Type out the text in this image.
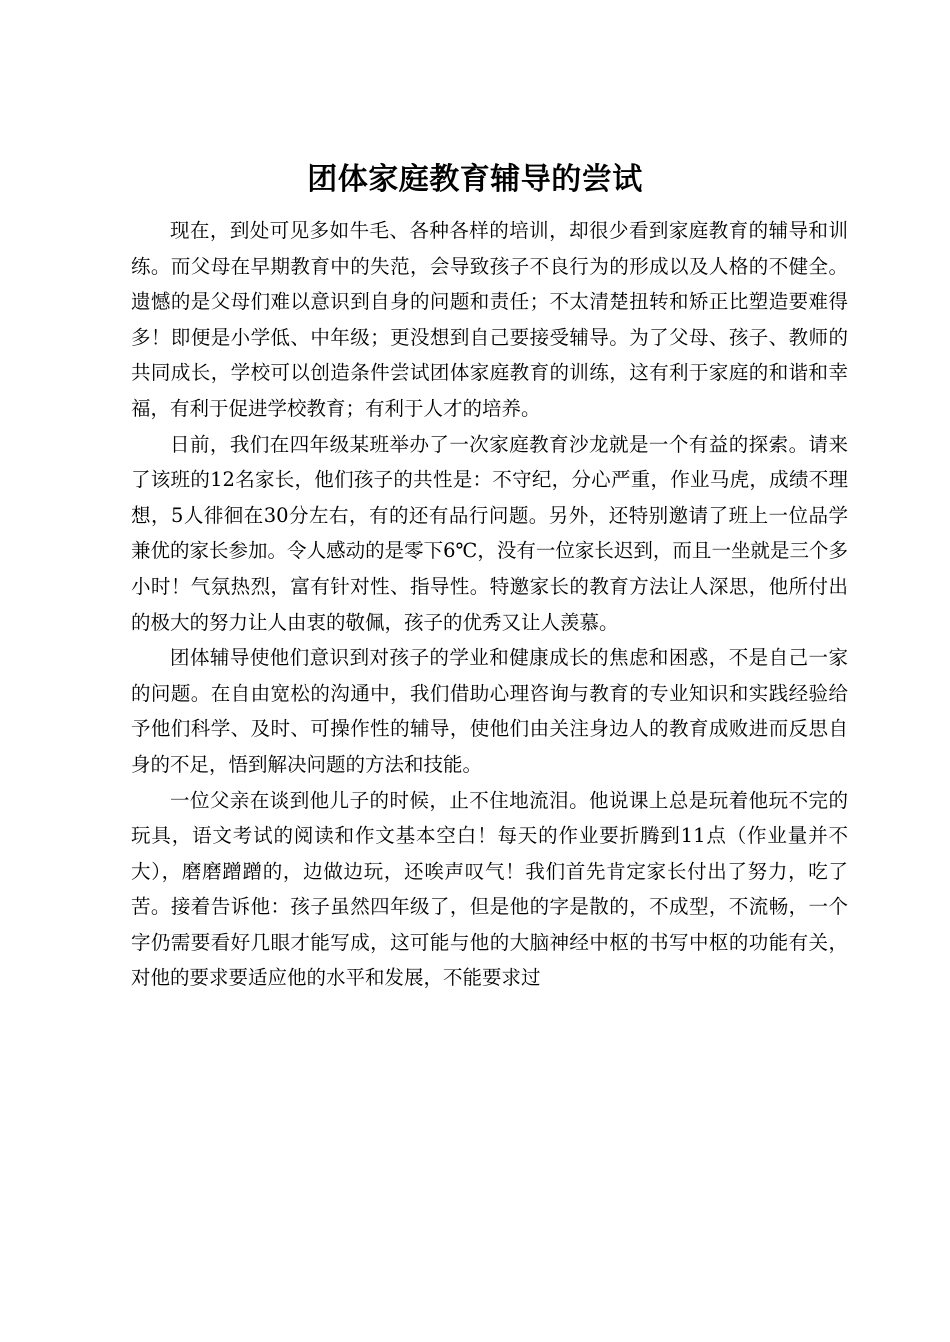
团体家庭教育辅导的尝试

现在，到处可见多如牛毛、各种各样的培训，却很少看到家庭教育的辅导和训练。而父母在早期教育中的失范，会导致孩子不良行为的形成以及人格的不健全。遗憾的是父母们难以意识到自身的问题和责任；不太清楚扭转和矫正比塑造要难得多！即便是小学低、中年级；更没想到自己要接受辅导。为了父母、孩子、教师的共同成长，学校可以创造条件尝试团体家庭教育的训练，这有利于家庭的和谐和幸福，有利于促进学校教育；有利于人才的培养。

日前，我们在四年级某班举办了一次家庭教育沙龙就是一个有益的探索。请来了该班的12名家长，他们孩子的共性是：不守纪，分心严重，作业马虎，成绩不理想，5人徘徊在30分左右，有的还有品行问题。另外，还特别邀请了班上一位品学兼优的家长参加。令人感动的是零下6℃，没有一位家长迟到，而且一坐就是三个多小时！气氛热烈，富有针对性、指导性。特邀家长的教育方法让人深思，他所付出的极大的努力让人由衷的敬佩，孩子的优秀又让人羡慕。

团体辅导使他们意识到对孩子的学业和健康成长的焦虑和困惑，不是自己一家的问题。在自由宽松的沟通中，我们借助心理咨询与教育的专业知识和实践经验给予他们科学、及时、可操作性的辅导，使他们由关注身边人的教育成败进而反思自身的不足，悟到解决问题的方法和技能。

一位父亲在谈到他儿子的时候，止不住地流泪。他说课上总是玩着他玩不完的玩具，语文考试的阅读和作文基本空白！每天的作业要折腾到11点（作业量并不大），磨磨蹭蹭的，边做边玩，还唉声叹气！我们首先肯定家长付出了努力，吃了苦。接着告诉他：孩子虽然四年级了，但是他的字是散的，不成型，不流畅，一个字仍需要看好几眼才能写成，这可能与他的大脑神经中枢的书写中枢的功能有关，对他的要求要适应他的水平和发展，不能要求过
